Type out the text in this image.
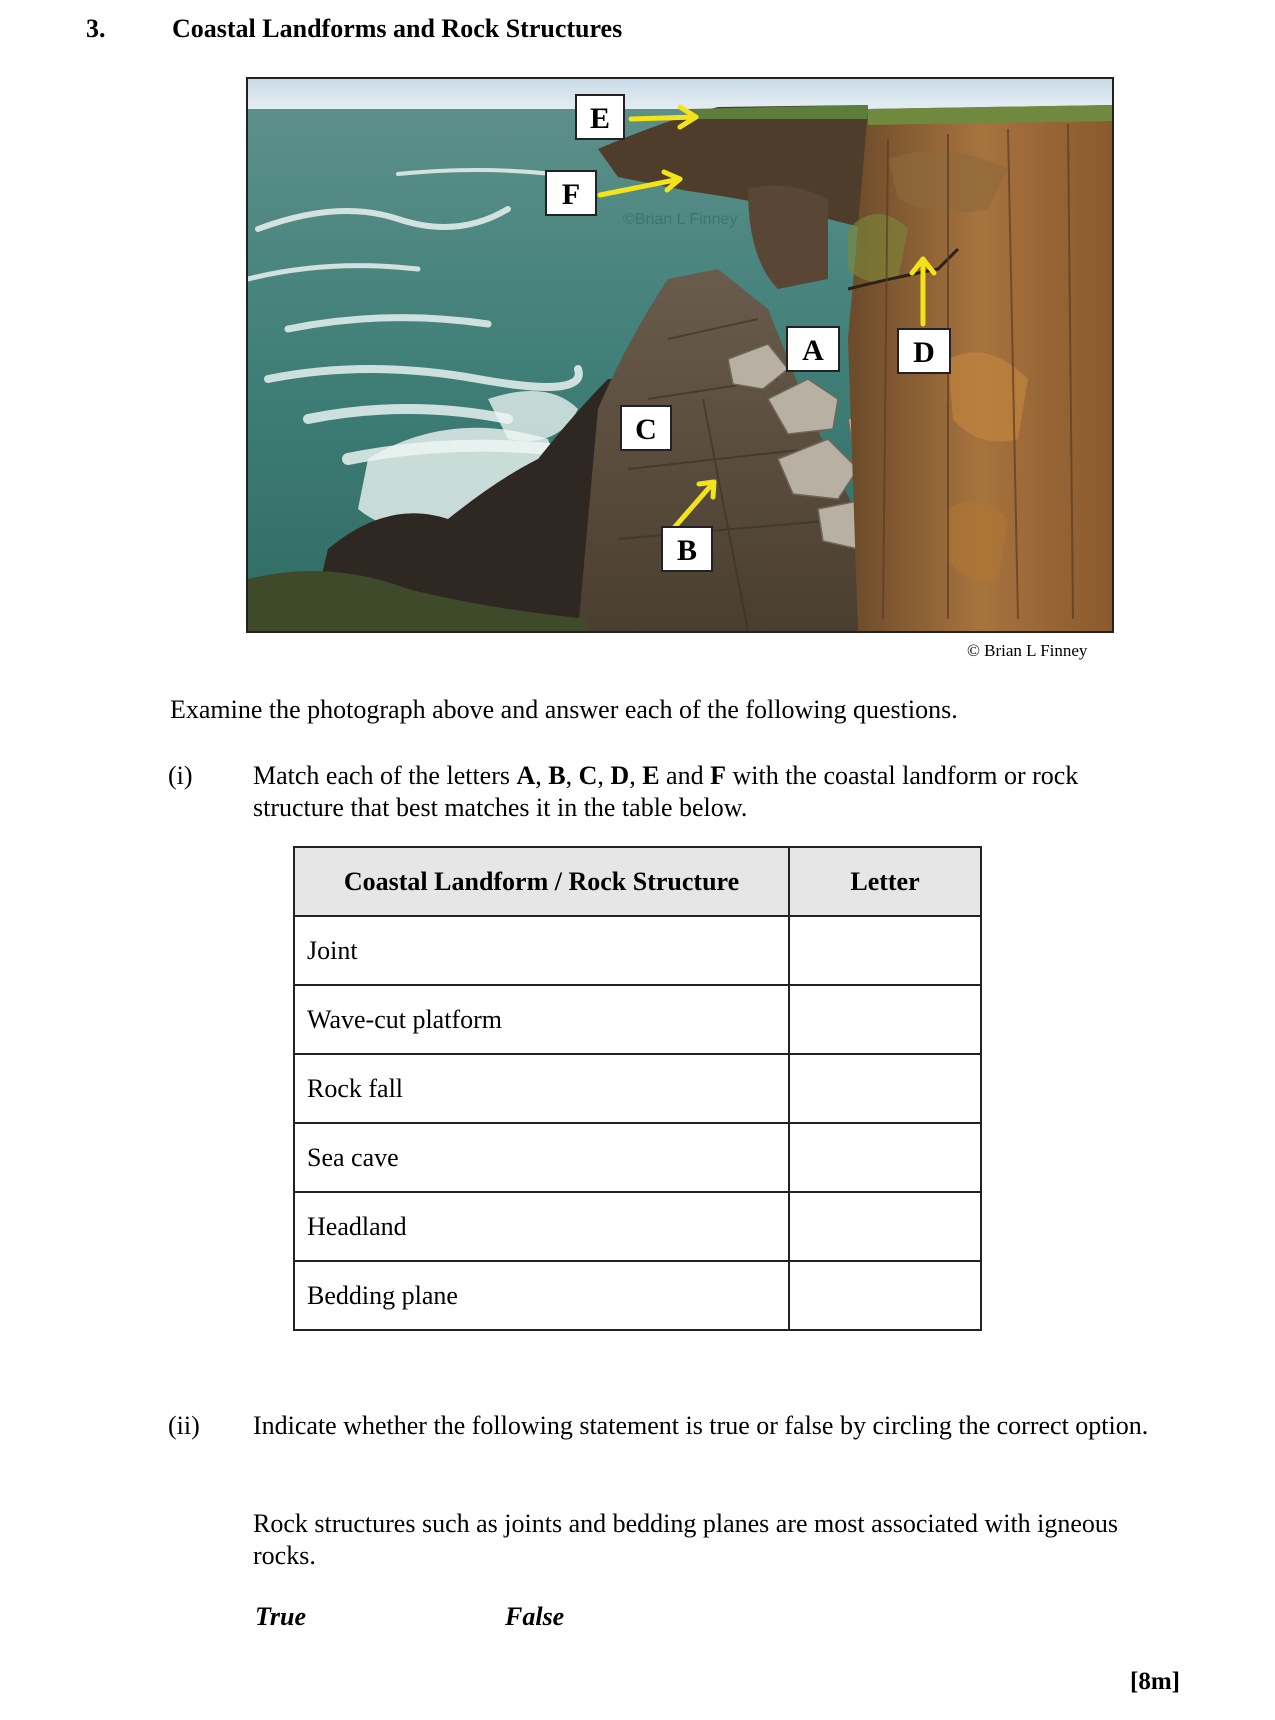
3.	Coastal Landforms and Rock Structures
©Brian L Finney
E
F
A	D
C
B
© Brian L Finney
Examine the photograph above and answer each of the following questions.
(i) Match each of the letters A, B, C, D, E and F with the coastal landform or rock structure that best matches it in the table below.
Coastal Landform / Rock Structure	Letter
Joint	
Wave-cut platform	
Rock fall	
Sea cave	
Headland	
Bedding plane	
(ii) Indicate whether the following statement is true or false by circling the correct option.
Rock structures such as joints and bedding planes are most associated with igneous rocks.
True	False
[8m]
